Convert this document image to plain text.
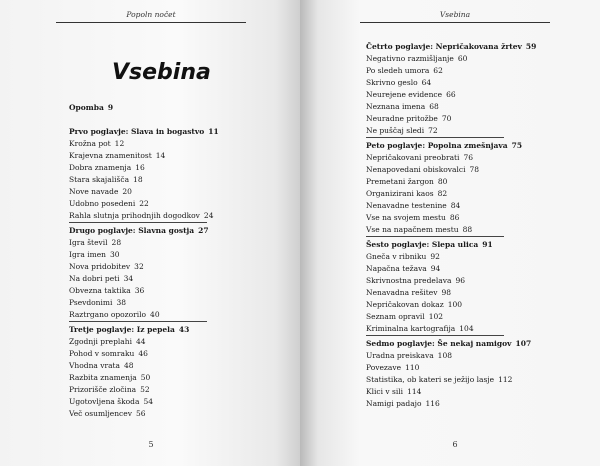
Popoln nočet
Vsebina
Opomba 9
Prvo poglavje: Slava in bogastvo 11
Krožna pot 12
Krajevna znamenitost 14
Dobra znamenja 16
Stara skajališča 18
Nove navade 20
Udobno posedeni 22
Rahla slutnja prihodnjih dogodkov 24
Drugo poglavje: Slavna gostja 27
Igra števil 28
Igra imen 30
Nova pridobitev 32
Na dobri peti 34
Obvezna taktika 36
Psevdonimi 38
Raztrgano opozorilo 40
Tretje poglavje: Iz pepela 43
Zgodnji preplahi 44
Pohod v somraku 46
Vhodna vrata 48
Razbita znamenja 50
Prizorišče zločina 52
Ugotovljena škoda 54
Več osumljencev 56
5
Vsebina
Četrto poglavje: Nepričakovana žrtev 59
Negativno razmišljanje 60
Po sledeh umora 62
Skrivno geslo 64
Neurejene evidence 66
Neznana imena 68
Neuradne pritožbe 70
Ne puščaj sledi 72
Peto poglavje: Popolna zmešnjava 75
Nepričakovani preobrati 76
Nenapovedani obiskovalci 78
Premetani žargon 80
Organizirani kaos 82
Nenavadne testenine 84
Vse na svojem mestu 86
Vse na napačnem mestu 88
Šesto poglavje: Slepa ulica 91
Gneča v ribniku 92
Napačna težava 94
Skrivnostna predelava 96
Nenavadna rešitev 98
Nepričakovan dokaz 100
Seznam opravil 102
Kriminalna kartografija 104
Sedmo poglavje: Še nekaj namigov 107
Uradna preiskava 108
Povezave 110
Statistika, ob kateri se ježijo lasje 112
Klici v sili 114
Namigi padajo 116
6
